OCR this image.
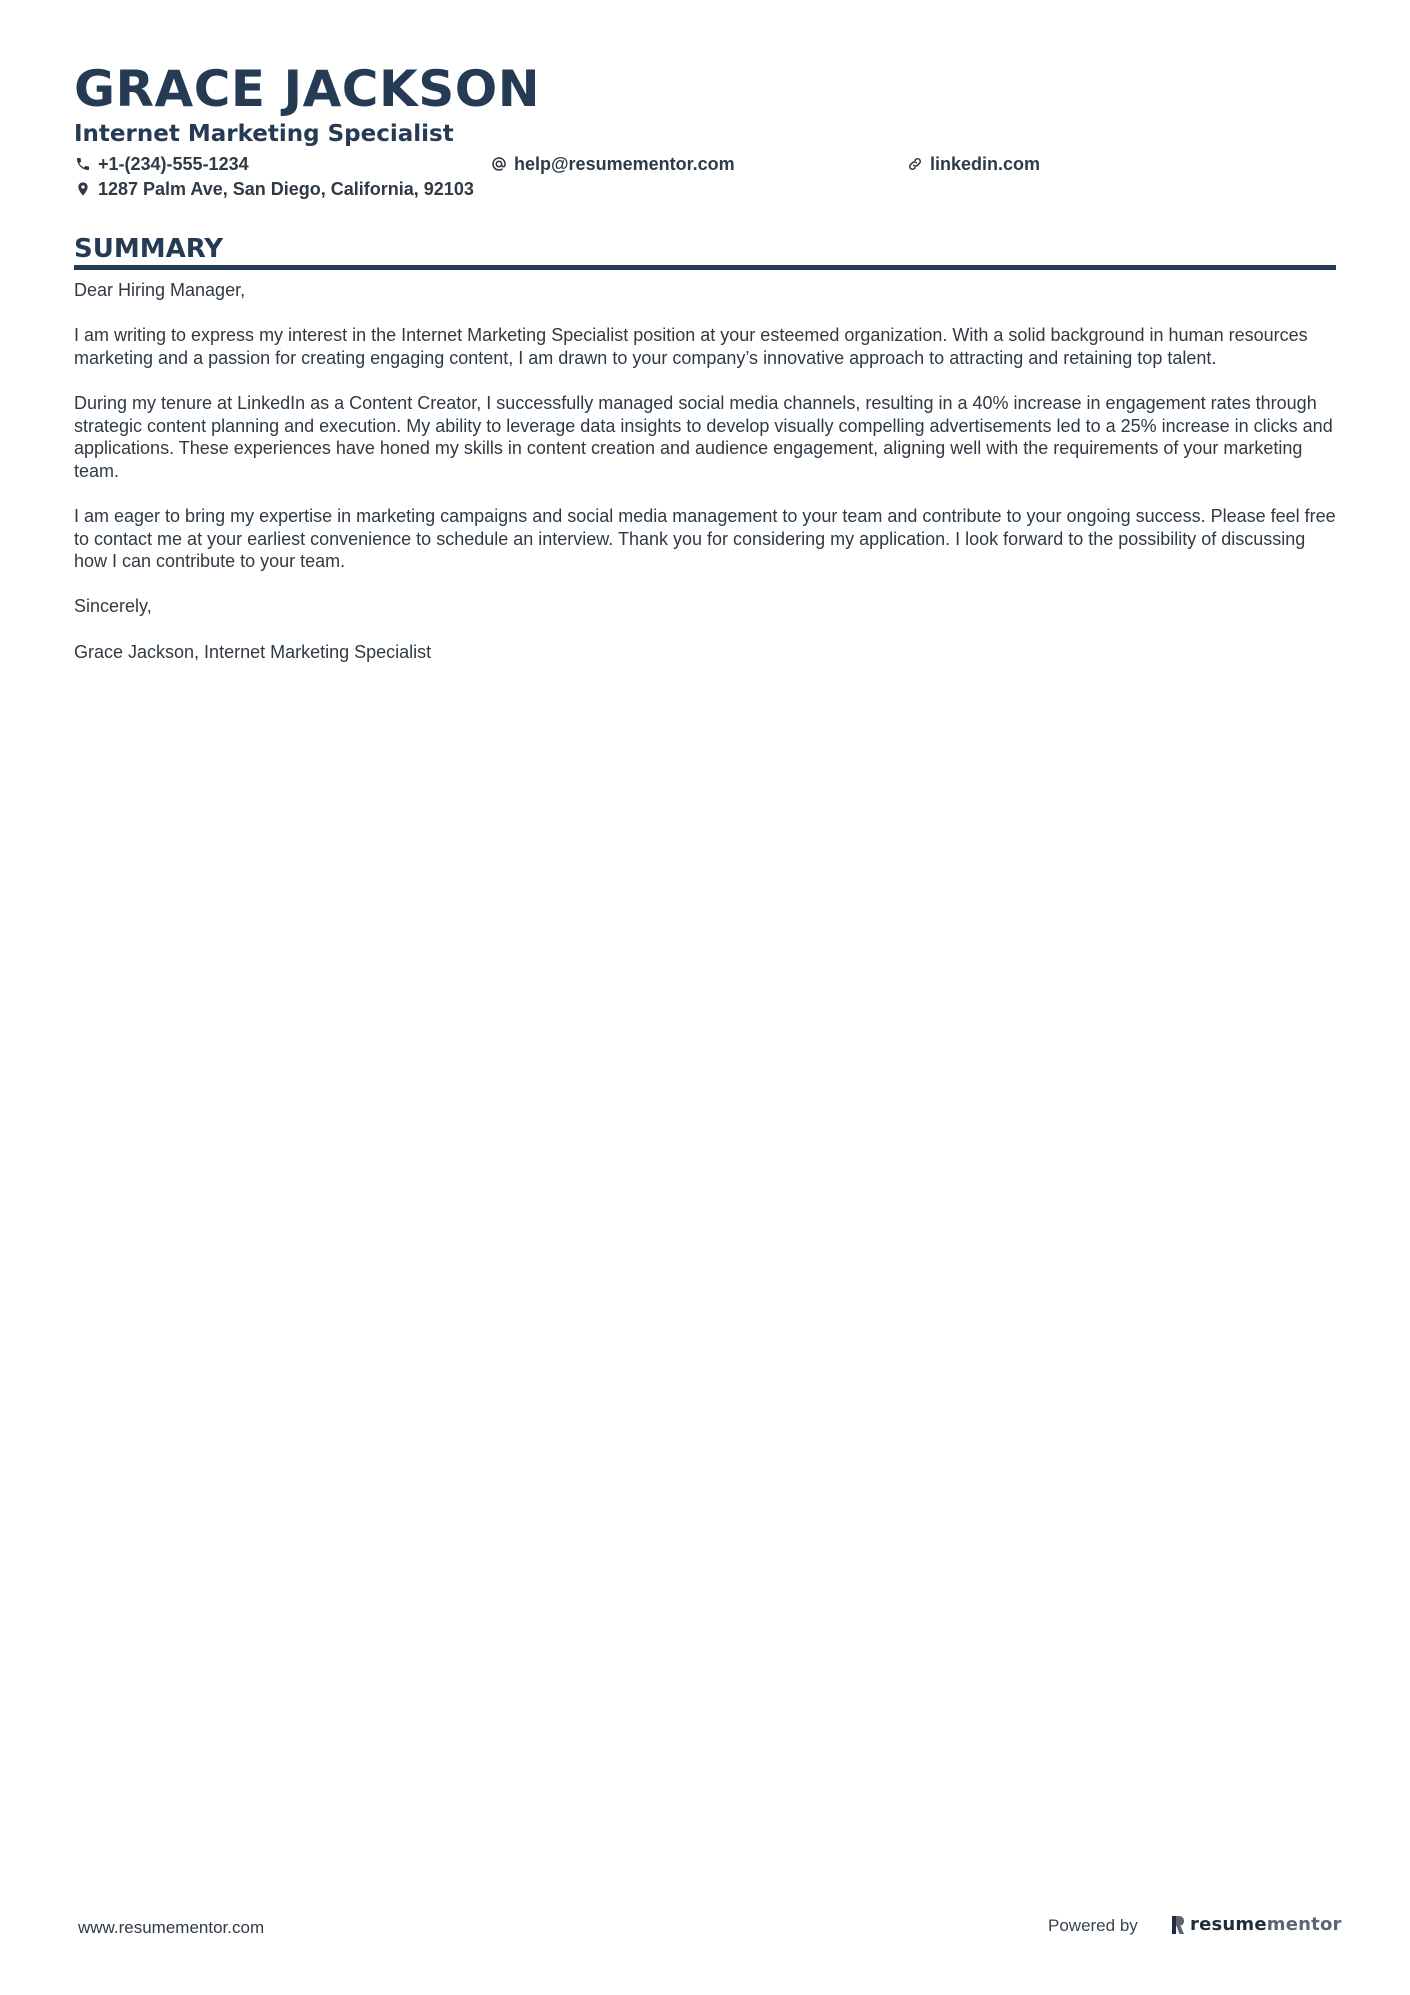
GRACE JACKSON
Internet Marketing Specialist
+1-(234)-555-1234	help@resumementor.com	linkedin.com
1287 Palm Ave, San Diego, California, 92103
SUMMARY

Dear Hiring Manager,

I am writing to express my interest in the Internet Marketing Specialist position at your esteemed organization. With a solid background in human resources marketing and a passion for creating engaging content, I am drawn to your company’s innovative approach to attracting and retaining top talent.

During my tenure at LinkedIn as a Content Creator, I successfully managed social media channels, resulting in a 40% increase in engagement rates through strategic content planning and execution. My ability to leverage data insights to develop visually compelling advertisements led to a 25% increase in clicks and applications. These experiences have honed my skills in content creation and audience engagement, aligning well with the requirements of your marketing team.

I am eager to bring my expertise in marketing campaigns and social media management to your team and contribute to your ongoing success. Please feel free to contact me at your earliest convenience to schedule an interview. Thank you for considering my application. I look forward to the possibility of discussing how I can contribute to your team.

Sincerely,

Grace Jackson, Internet Marketing Specialist

www.resumementor.com	Powered by	resumementor
